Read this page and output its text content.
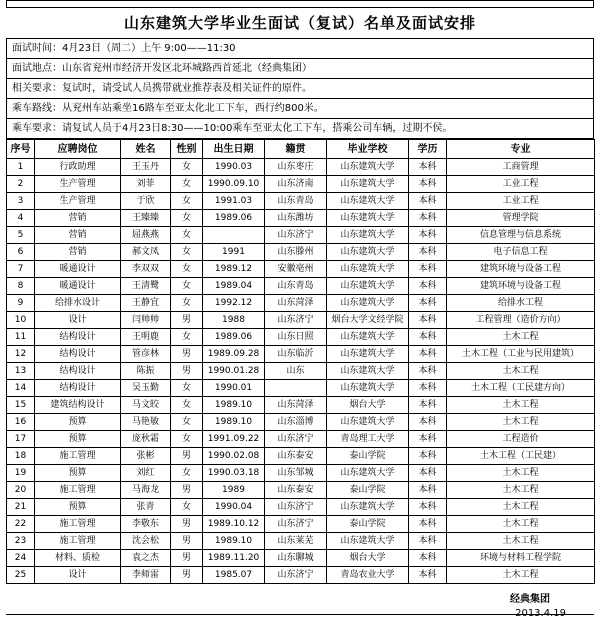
山东建筑大学毕业生面试（复试）名单及面试安排
面试时间：4月23日（周二）上午 9:00——11:30
面试地点：山东省兖州市经济开发区北环城路西首延北（经典集团）
相关要求：复试时，请受试人员携带就业推荐表及相关证件的原件。
乘车路线：从兖州车站乘坐16路车至亚太化北工下车，西行约800米。
乘车要求：请复试人员于4月23日8:30——10:00乘车至亚太化工下车，搭乘公司车辆，过期不侯。
序号	应聘岗位	姓名	性别	出生日期	籍贯	毕业学校	学历	专业
1	行政助理	王玉丹	女	1990.03	山东枣庄	山东建筑大学	本科	工商管理
2	生产管理	刘菲	女	1990.09.10	山东济南	山东建筑大学	本科	工业工程
3	生产管理	于欣	女	1991.03	山东青岛	山东建筑大学	本科	工业工程
4	营销	王臻臻	女	1989.06	山东潍坊	山东建筑大学	本科	管理学院
5	营销	屈燕燕	女		山东济宁	山东建筑大学	本科	信息管理与信息系统
6	营销	郝文凤	女	1991	山东滕州	山东建筑大学	本科	电子信息工程
7	暖通设计	李双双	女	1989.12	安徽亳州	山东建筑大学	本科	建筑环境与设备工程
8	暖通设计	王清鹭	女	1989.04	山东青岛	山东建筑大学	本科	建筑环境与设备工程
9	给排水设计	王静宜	女	1992.12	山东菏泽	山东建筑大学	本科	给排水工程
10	设计	闫帅帅	男	1988	山东济宁	烟台大学文经学院	本科	工程管理（造价方向）
11	结构设计	王明鹿	女	1989.06	山东日照	山东建筑大学	本科	土木工程
12	结构设计	管彦林	男	1989.09.28	山东临沂	山东建筑大学	本科	土木工程（工业与民用建筑）
13	结构设计	陈振	男	1990.01.28	山东	山东建筑大学	本科	土木工程
14	结构设计	吴玉勤	女	1990.01		山东建筑大学	本科	土木工程（工民建方向）
15	建筑结构设计	马文皎	女	1989.10	山东菏泽	烟台大学	本科	土木工程
16	预算	马艳敏	女	1989.10	山东淄博	山东建筑大学	本科	土木工程
17	预算	庞秋霜	女	1991.09.22	山东济宁	青岛理工大学	本科	工程造价
18	施工管理	张彬	男	1990.02.08	山东泰安	泰山学院	本科	土木工程（工民建）
19	预算	刘红	女	1990.03.18	山东邹城	山东建筑大学	本科	土木工程
20	施工管理	马海龙	男	1989	山东泰安	泰山学院	本科	土木工程
21	预算	张青	女	1990.04	山东济宁	山东建筑大学	本科	土木工程
22	施工管理	李敬东	男	1989.10.12	山东济宁	泰山学院	本科	土木工程
23	施工管理	沈会松	男	1989.10	山东莱芜	山东建筑大学	本科	土木工程
24	材料、质检	袁之杰	男	1989.11.20	山东聊城	烟台大学	本科	环境与材料工程学院
25	设计	李师雷	男	1985.07	山东济宁	青岛农业大学	本科	土木工程
经典集团
2013.4.19
